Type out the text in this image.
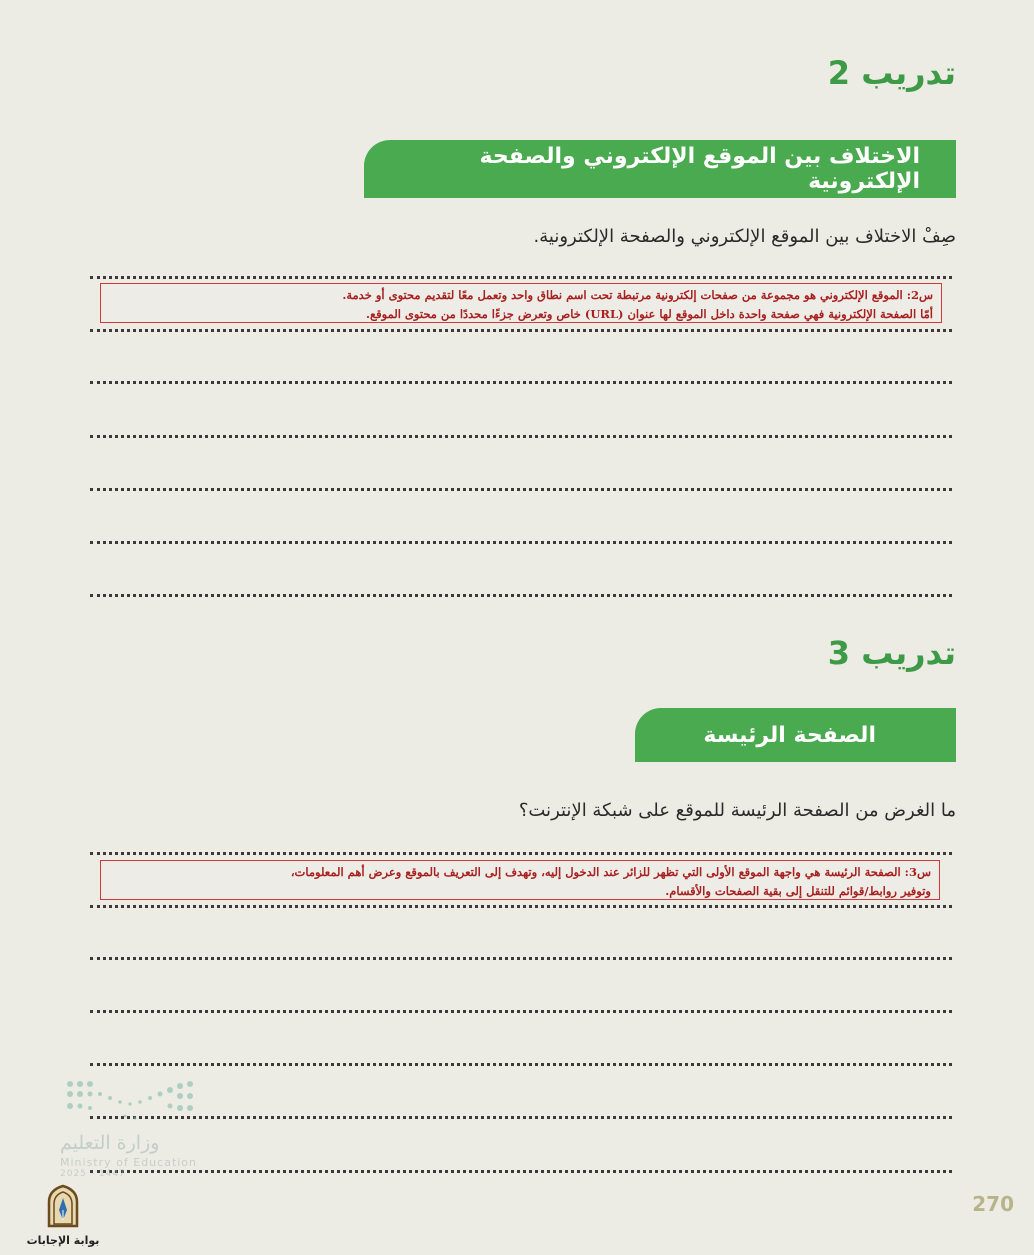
تدريب 2
الاختلاف بين الموقع الإلكتروني والصفحة الإلكترونية
صِفْ الاختلاف بين الموقع الإلكتروني والصفحة الإلكترونية.
س2: الموقع الإلكتروني هو مجموعة من صفحات إلكترونية مرتبطة تحت اسم نطاق واحد وتعمل معًا لتقديم محتوى أو خدمة.
أمّا الصفحة الإلكترونية فهي صفحة واحدة داخل الموقع لها عنوان (URL) خاص وتعرض جزءًا محددًا من محتوى الموقع.
تدريب 3
الصفحة الرئيسة
ما الغرض من الصفحة الرئيسة للموقع على شبكة الإنترنت؟
س3: الصفحة الرئيسة هي واجهة الموقع الأولى التي تظهر للزائر عند الدخول إليه، وتهدف إلى التعريف بالموقع وعرض أهم المعلومات،
وتوفير روابط/قوائم للتنقل إلى بقية الصفحات والأقسام.
وزارة التعليم
Ministry of Education
2025 - 1447
بوابة الإجابات
270
